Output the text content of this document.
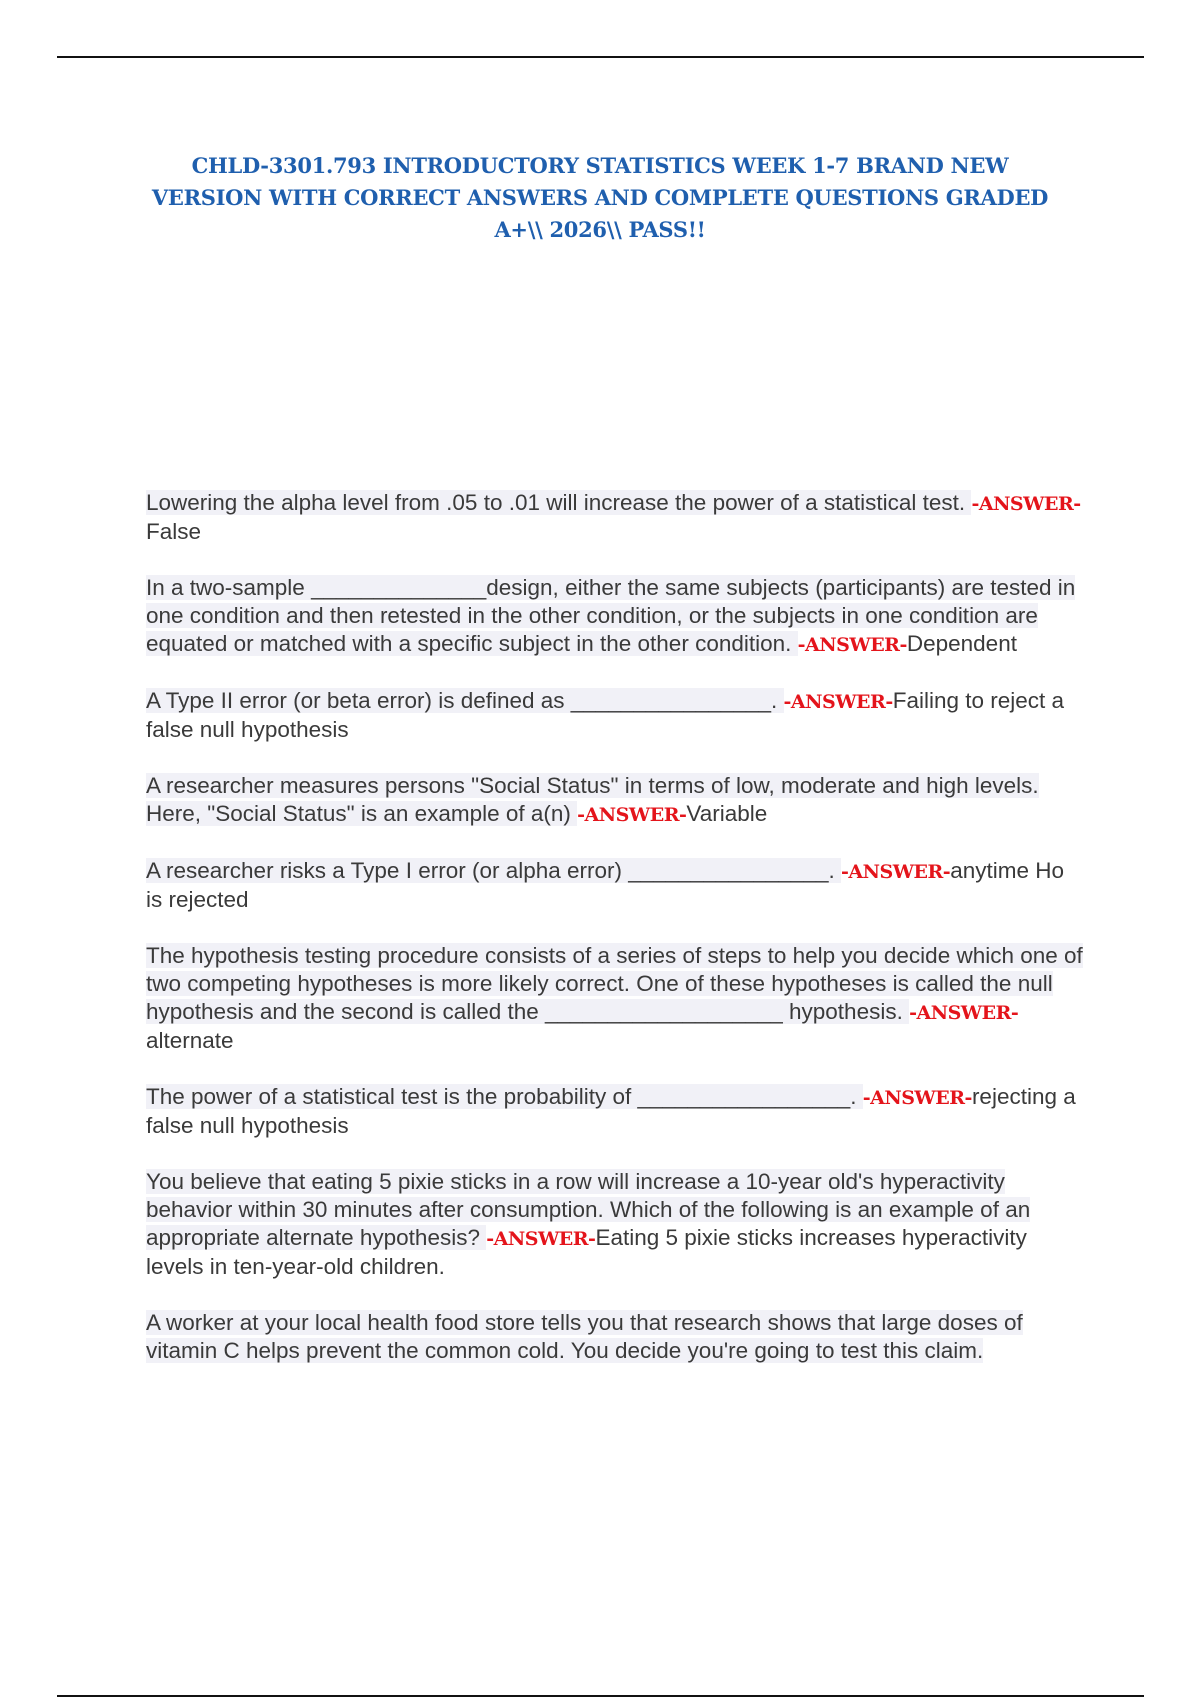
CHLD-3301.793 INTRODUCTORY STATISTICS WEEK 1-7 BRAND NEW VERSION WITH CORRECT ANSWERS AND COMPLETE QUESTIONS GRADED A+\\ 2026\\ PASS!!

Lowering the alpha level from .05 to .01 will increase the power of a statistical test. -ANSWER-False

In a two-sample ______________design, either the same subjects (participants) are tested in one condition and then retested in the other condition, or the subjects in one condition are equated or matched with a specific subject in the other condition. -ANSWER-Dependent

A Type II error (or beta error) is defined as ________________. -ANSWER-Failing to reject a false null hypothesis

A researcher measures persons "Social Status" in terms of low, moderate and high levels. Here, "Social Status" is an example of a(n) -ANSWER-Variable

A researcher risks a Type I error (or alpha error) ________________. -ANSWER-anytime Ho is rejected

The hypothesis testing procedure consists of a series of steps to help you decide which one of two competing hypotheses is more likely correct. One of these hypotheses is called the null hypothesis and the second is called the ___________________ hypothesis. -ANSWER-alternate

The power of a statistical test is the probability of _________________. -ANSWER-rejecting a false null hypothesis

You believe that eating 5 pixie sticks in a row will increase a 10-year old's hyperactivity behavior within 30 minutes after consumption. Which of the following is an example of an appropriate alternate hypothesis? -ANSWER-Eating 5 pixie sticks increases hyperactivity levels in ten-year-old children.

A worker at your local health food store tells you that research shows that large doses of vitamin C helps prevent the common cold. You decide you're going to test this claim.
